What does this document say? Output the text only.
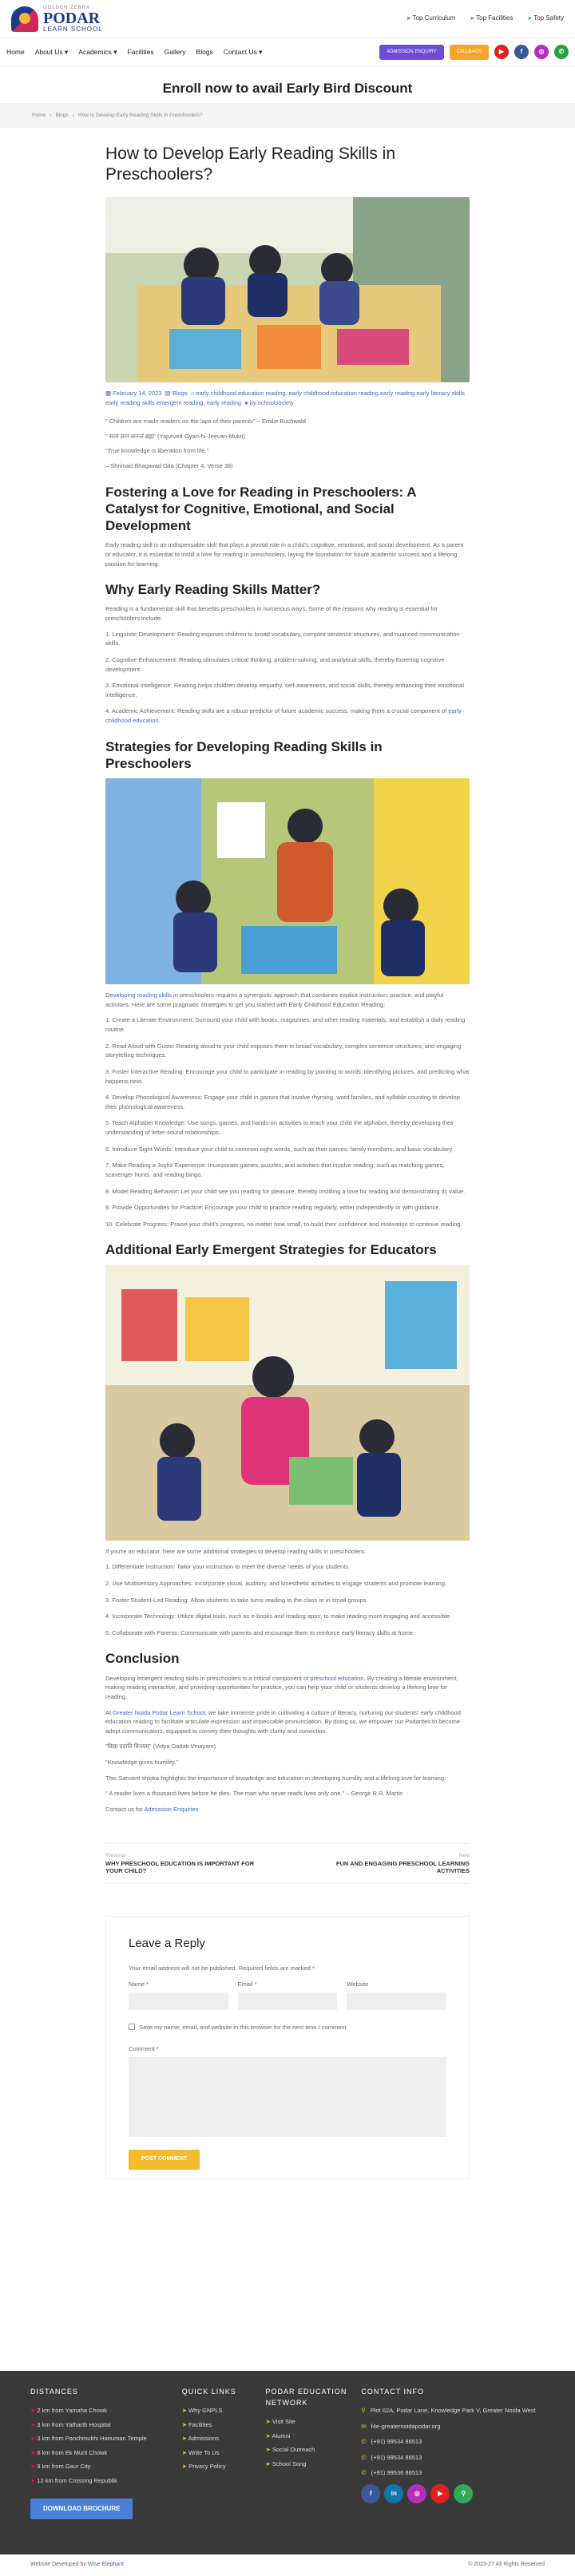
GOLDEN ZEBRA
PODAR
LEARN SCHOOL
➤ Top Curriculum	➤ Top Facilities	➤ Top Safety
Home About Us ▾ Academics ▾ Facilities Gallery Blogs Contact Us ▾	ADMISSION ENQUIRY	CALLBACK	▶	f	◎	✆
Enroll now to avail Early Bird Discount
Home › Blogs › How to Develop Early Reading Skills in Preschoolers?
How to Develop Early Reading Skills in Preschoolers?
▦ February 14, 2023 ▤ Blogs ⌂ early childhood education reading, early childhood education reading early reading early literacy skills early reading skills emergent reading, early reading ● by schoolsociety
" Children are made readers on the laps of their parents" – Emilie Buchwald
" सत्यं ज्ञानं अनन्तं ब्रह्म" (Yajurved-Gyan-hi-Jeevan-Mukti)
"True knowledge is liberation from life."
– Shrimad Bhagavad Gita (Chapter 4, Verse 38)
Fostering a Love for Reading in Preschoolers: A Catalyst for Cognitive, Emotional, and Social Development

Early reading skill is an indispensable skill that plays a pivotal role in a child's cognitive, emotional, and social development. As a parent or educator, it is essential to instill a love for reading in preschoolers, laying the foundation for future academic success and a lifelong passion for learning.

Why Early Reading Skills Matter?

Reading is a fundamental skill that benefits preschoolers in numerous ways. Some of the reasons why reading is essential for preschoolers include:

1. Linguistic Development: Reading exposes children to broad vocabulary, complex sentence structures, and nuanced communication skills.
2. Cognitive Enhancement: Reading stimulates critical thinking, problem-solving, and analytical skills, thereby fostering cognitive development.
3. Emotional Intelligence: Reading helps children develop empathy, self-awareness, and social skills, thereby enhancing their emotional intelligence.
4. Academic Achievement: Reading skills are a robust predictor of future academic success, making them a crucial component of early childhood education.
Strategies for Developing Reading Skills in Preschoolers

Developing reading skills in preschoolers requires a synergistic approach that combines explicit instruction, practice, and playful activities. Here are some pragmatic strategies to get you started with Early Childhood Education Reading:

1. Create a Literate Environment: Surround your child with books, magazines, and other reading materials, and establish a daily reading routine.
2. Read Aloud with Gusto: Reading aloud to your child exposes them to broad vocabulary, complex sentence structures, and engaging storytelling techniques.
3. Foster Interactive Reading: Encourage your child to participate in reading by pointing to words, identifying pictures, and predicting what happens next.
4. Develop Phonological Awareness: Engage your child in games that involve rhyming, word families, and syllable counting to develop their phonological awareness.
5. Teach Alphabet Knowledge: Use songs, games, and hands-on activities to teach your child the alphabet, thereby developing their understanding of letter-sound relationships.
6. Introduce Sight Words: Introduce your child to common sight words, such as their names, family members, and basic vocabulary.
7. Make Reading a Joyful Experience: Incorporate games, puzzles, and activities that involve reading, such as matching games, scavenger hunts, and reading bingo.
8. Model Reading Behavior: Let your child see you reading for pleasure, thereby instilling a love for reading and demonstrating its value.
9. Provide Opportunities for Practice: Encourage your child to practice reading regularly, either independently or with guidance.
10. Celebrate Progress: Praise your child's progress, no matter how small, to build their confidence and motivation to continue reading.
Additional Early Emergent Strategies for Educators

If you're an educator, here are some additional strategies to develop reading skills in preschoolers:

1. Differentiate Instruction: Tailor your instruction to meet the diverse needs of your students.
2. Use Multisensory Approaches: Incorporate visual, auditory, and kinesthetic activities to engage students and promote learning.
3. Foster Student-Led Reading: Allow students to take turns reading to the class or in small groups.
4. Incorporate Technology: Utilize digital tools, such as e-books and reading apps, to make reading more engaging and accessible.
5. Collaborate with Parents: Communicate with parents and encourage them to reinforce early literacy skills at home.
Conclusion

Developing emergent reading skills in preschoolers is a critical component of preschool education. By creating a literate environment, making reading interactive, and providing opportunities for practice, you can help your child or students develop a lifelong love for reading.

At Greater Noida Podar Learn School, we take immense pride in cultivating a culture of literacy, nurturing our students' early childhood education reading to facilitate articulate expression and impeccable pronunciation. By doing so, we empower our Podarites to become adept communicators, equipped to convey their thoughts with clarity and conviction.

"विद्या ददाति विनयम्" (Vidya Dadati Vinayam)

"Knowledge gives humility."

This Sanskrit shloka highlights the importance of knowledge and education in developing humility and a lifelong love for learning.

" A reader lives a thousand lives before he dies. The man who never reads lives only one." – George R.R. Martin

Contact us for Admission Enquiries

Previous
WHY PRESCHOOL EDUCATION IS IMPORTANT FOR YOUR CHILD?
Next
FUN AND ENGAGING PRESCHOOL LEARNING ACTIVITIES
Leave a Reply

Your email address will not be published. Required fields are marked *

Name *	Email *	Website
Save my name, email, and website in this browser for the next time I comment.
Comment *
POST COMMENT
DISTANCES
➤ 2 km from Yamaha Chowk
➤ 3 km from Yatharth Hospital
➤ 3 km from Panchmukhi Hanuman Temple
➤ 6 km from Ek Murti Chowk
➤ 9 km from Gaur City
➤ 12 km from Crossing Republik
DOWNLOAD BROCHURE
QUICK LINKS
➤ Why GNPLS
➤ Facilities
➤ Admissions
➤ Write To Us
➤ Privacy Policy
PODAR EDUCATION NETWORK
➤ Visit Site
➤ Alumni
➤ Social Outreach
➤ School Song
CONTACT INFO
⚲ Plot 62A, Podar Lane, Knowledge Park V, Greater Noida West
✉ f4e-greaternoidapodar.org
✆ (+91) 99534 86513
✆ (+91) 99534 86513
✆ (+91) 99536 86513
f	in	◎	▶	⚲
Website Developed by Wise Elephant	© 2023-27 All Rights Reserved
